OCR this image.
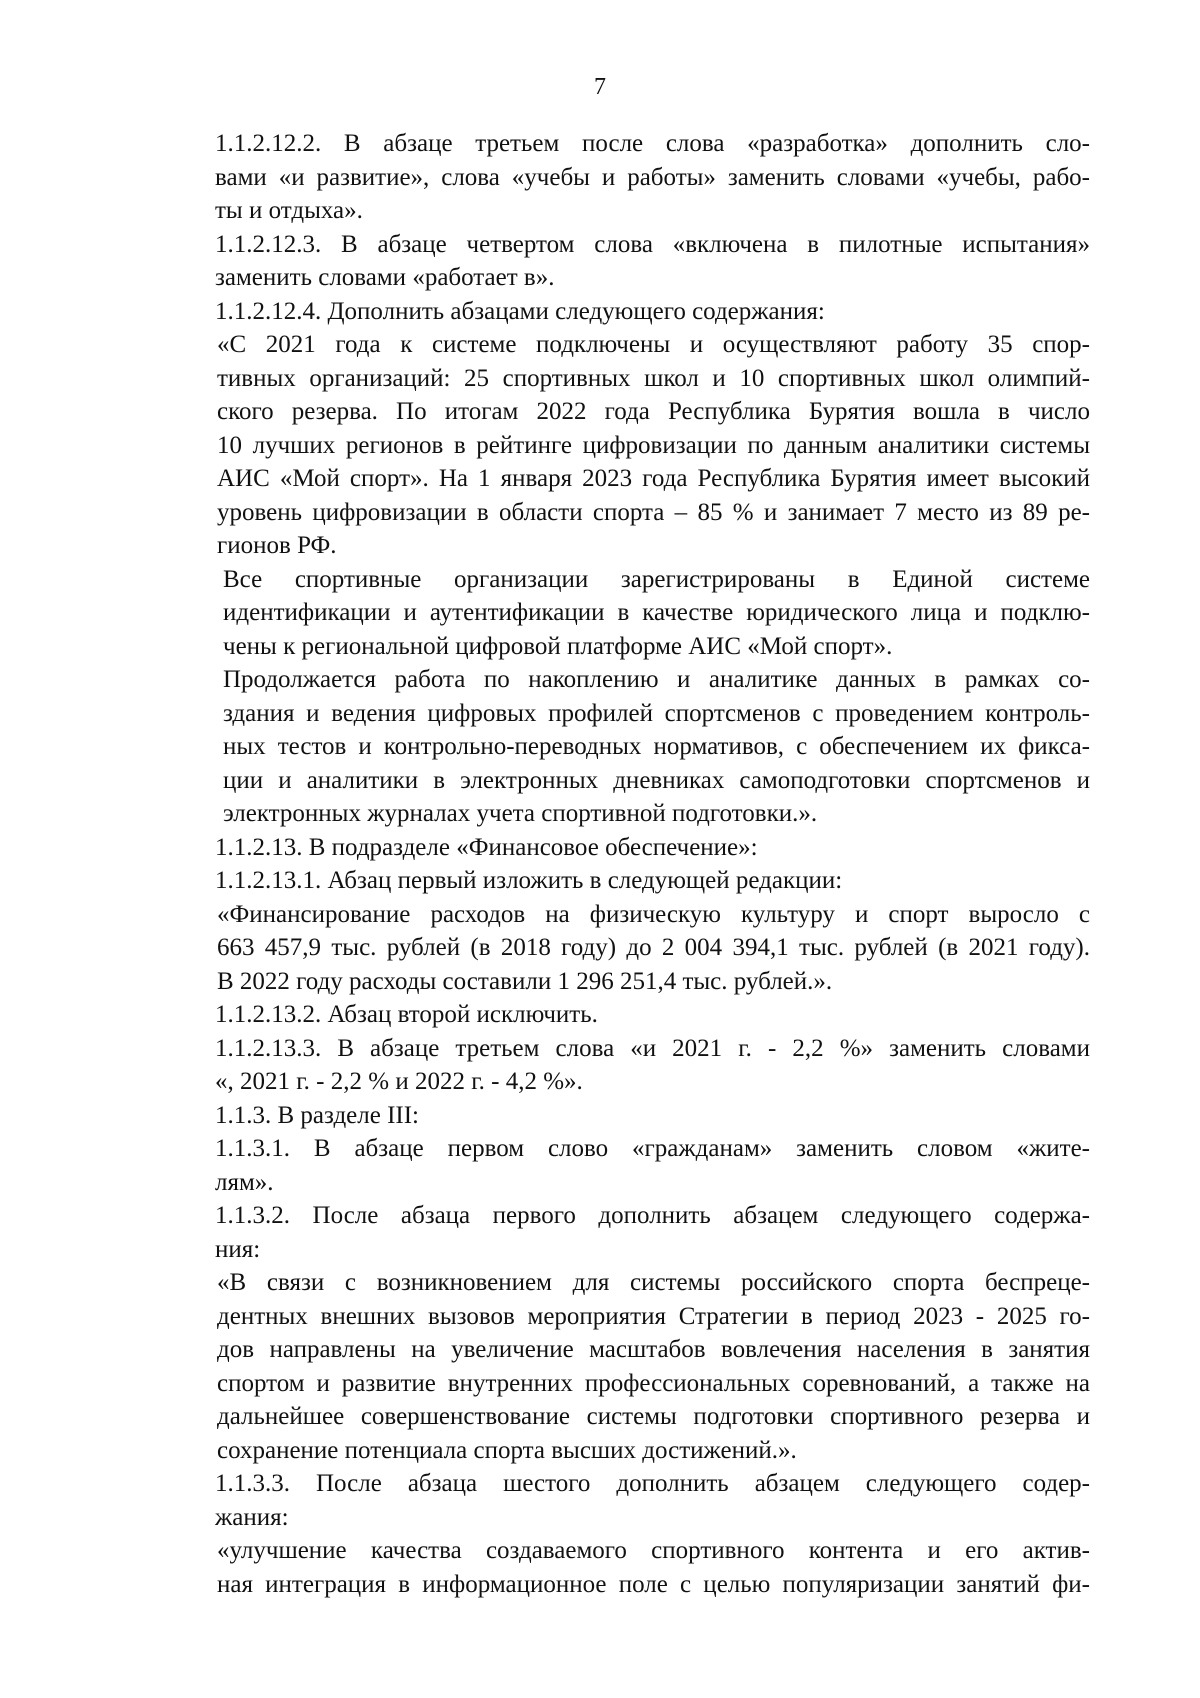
7

1.1.2.12.2. В абзаце третьем после слова «разработка» дополнить сло-
вами «и развитие», слова «учебы и работы» заменить словами «учебы, рабо-
ты и отдыха».

1.1.2.12.3. В абзаце четвертом слова «включена в пилотные испытания»
заменить словами «работает в».

1.1.2.12.4. Дополнить абзацами следующего содержания:

«С 2021 года к системе подключены и осуществляют работу 35 спор-
тивных организаций: 25 спортивных школ и 10 спортивных школ олимпий-
ского резерва. По итогам 2022 года Республика Бурятия вошла в число
10 лучших регионов в рейтинге цифровизации по данным аналитики системы
АИС «Мой спорт». На 1 января 2023 года Республика Бурятия имеет высокий
уровень цифровизации в области спорта – 85 % и занимает 7 место из 89 ре-
гионов РФ.

Все спортивные организации зарегистрированы в Единой системе
идентификации и аутентификации в качестве юридического лица и подклю-
чены к региональной цифровой платформе АИС «Мой спорт».

Продолжается работа по накоплению и аналитике данных в рамках со-
здания и ведения цифровых профилей спортсменов с проведением контроль-
ных тестов и контрольно-переводных нормативов, с обеспечением их фикса-
ции и аналитики в электронных дневниках самоподготовки спортсменов и
электронных журналах учета спортивной подготовки.».

1.1.2.13. В подразделе «Финансовое обеспечение»:

1.1.2.13.1. Абзац первый изложить в следующей редакции:

«Финансирование расходов на физическую культуру и спорт выросло с
663 457,9 тыс. рублей (в 2018 году) до 2 004 394,1 тыс. рублей (в 2021 году).
В 2022 году расходы составили 1 296 251,4 тыс. рублей.».

1.1.2.13.2. Абзац второй исключить.

1.1.2.13.3. В абзаце третьем слова «и 2021 г. - 2,2 %» заменить словами
«, 2021 г. - 2,2 % и 2022 г. - 4,2 %».

1.1.3. В разделе III:

1.1.3.1. В абзаце первом слово «гражданам» заменить словом «жите-
лям».

1.1.3.2. После абзаца первого дополнить абзацем следующего содержа-
ния:

«В связи с возникновением для системы российского спорта беспреце-
дентных внешних вызовов мероприятия Стратегии в период 2023 - 2025 го-
дов направлены на увеличение масштабов вовлечения населения в занятия
спортом и развитие внутренних профессиональных соревнований, а также на
дальнейшее совершенствование системы подготовки спортивного резерва и
сохранение потенциала спорта высших достижений.».

1.1.3.3. После абзаца шестого дополнить абзацем следующего содер-
жания:

«улучшение качества создаваемого спортивного контента и его актив-
ная интеграция в информационное поле с целью популяризации занятий фи-
